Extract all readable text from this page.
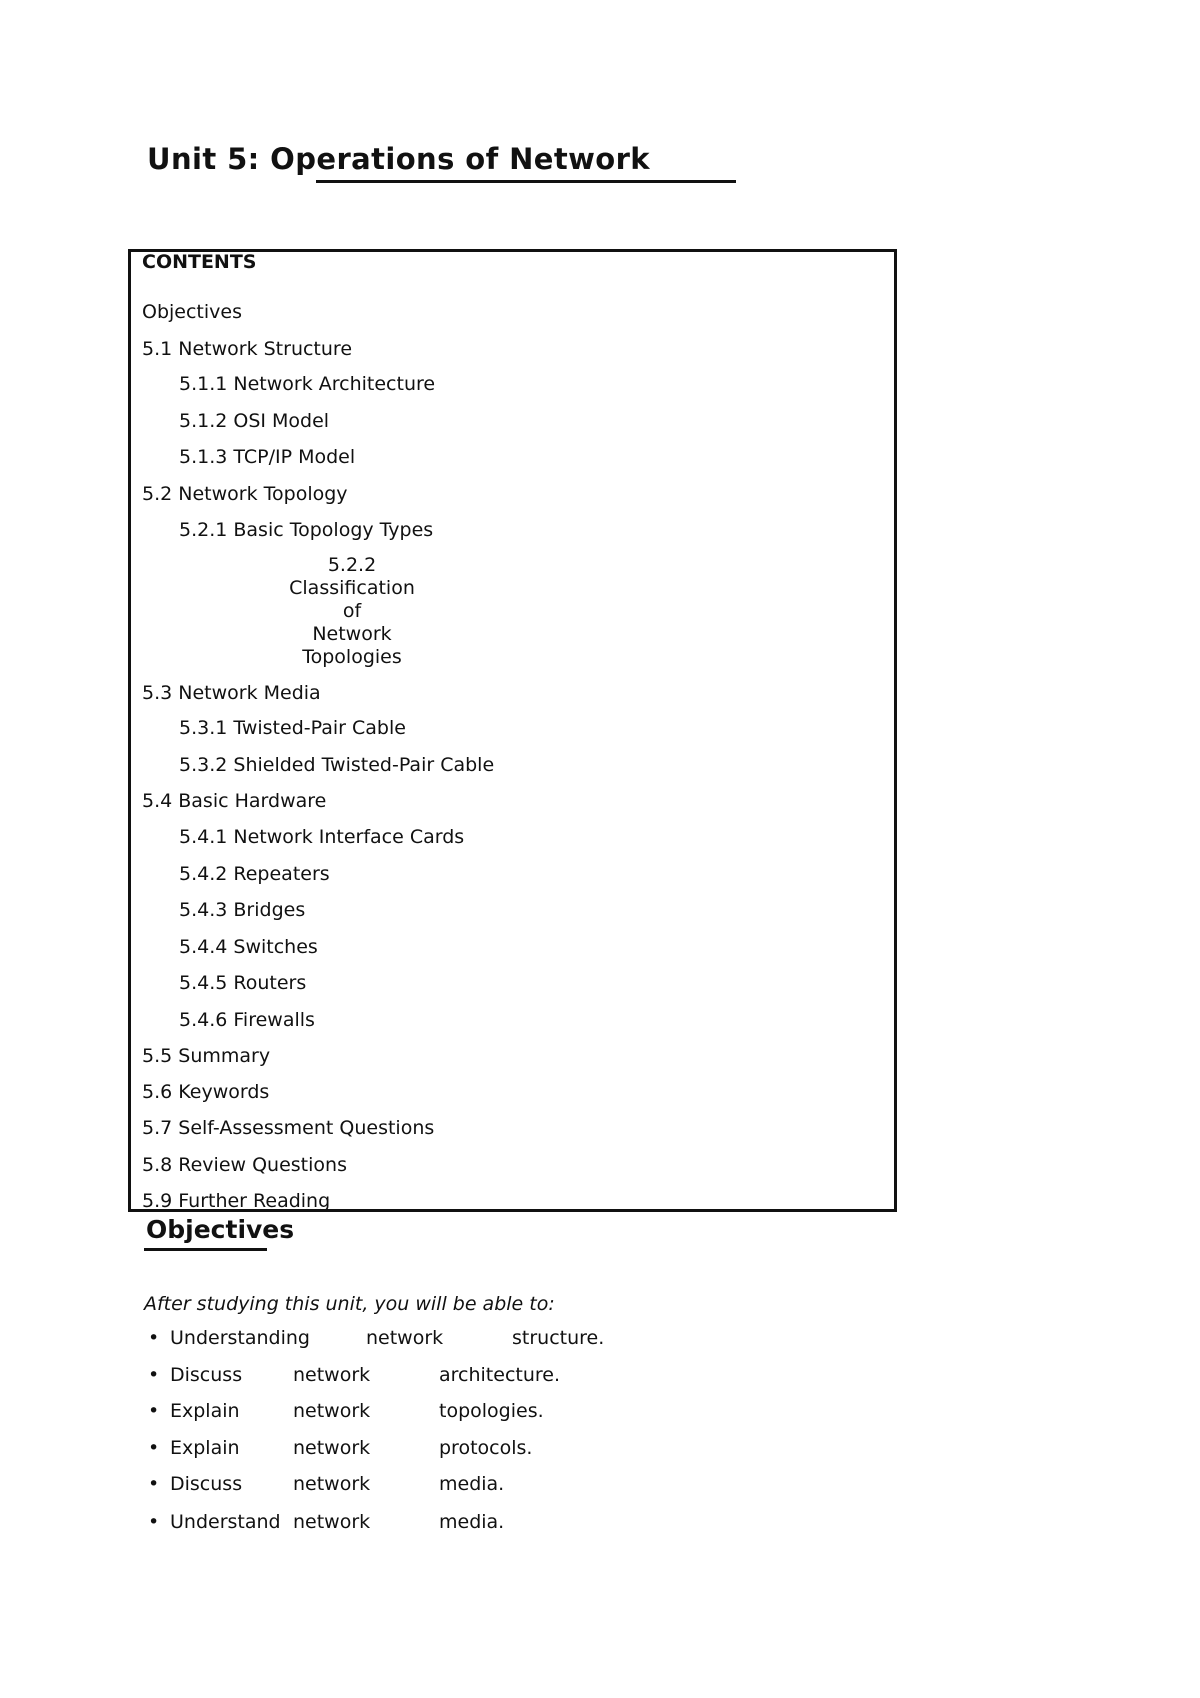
Unit 5: Operations of Network
CONTENTS
Objectives
5.1 Network Structure
5.1.1 Network Architecture
5.1.2 OSI Model
5.1.3 TCP/IP Model
5.2 Network Topology
5.2.1 Basic Topology Types
5.2.2
Classification
of
Network
Topologies
5.3 Network Media
5.3.1 Twisted-Pair Cable
5.3.2 Shielded Twisted-Pair Cable
5.4 Basic Hardware
5.4.1 Network Interface Cards
5.4.2 Repeaters
5.4.3 Bridges
5.4.4 Switches
5.4.5 Routers
5.4.6 Firewalls
5.5 Summary
5.6 Keywords
5.7 Self-Assessment Questions
5.8 Review Questions
5.9 Further Reading
Objectives
After studying this unit, you will be able to:
• Understanding	network	structure.
• Discuss	network	architecture.
• Explain	network	topologies.
• Explain	network	protocols.
• Discuss	network	media.
• Understand network	media.
